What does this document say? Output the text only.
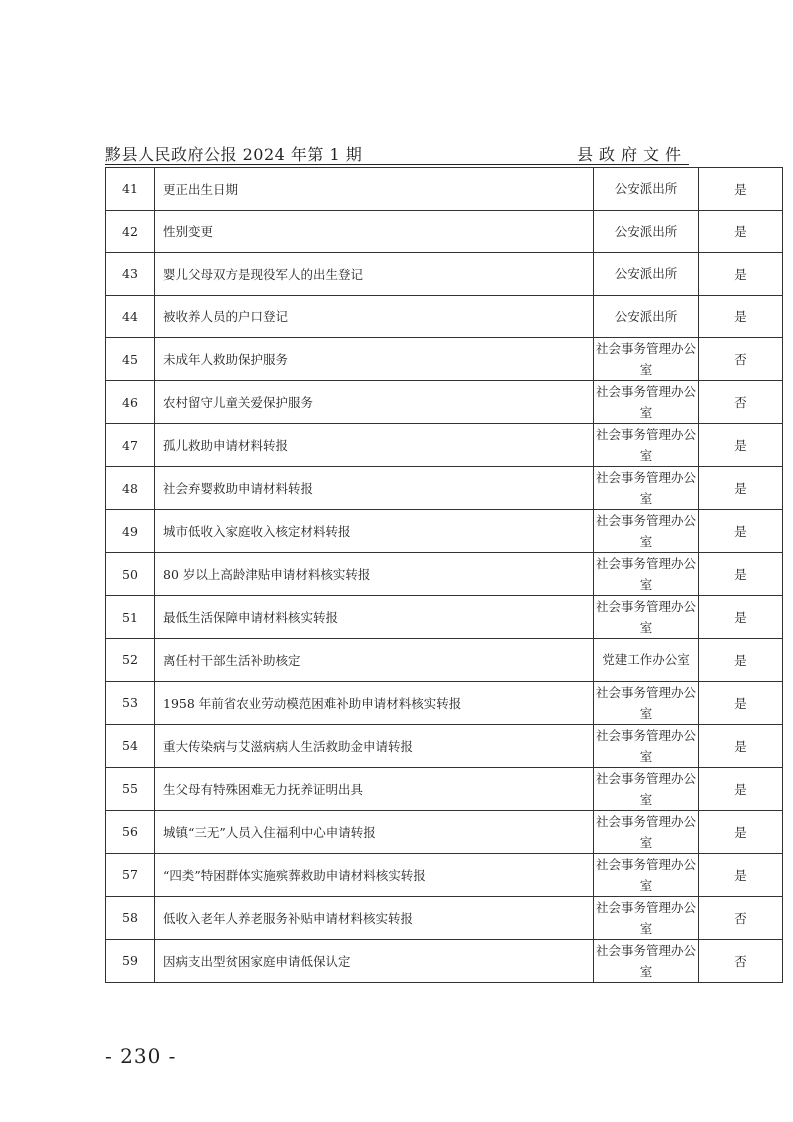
黟县人民政府公报 2024 年第 1 期	县政府文件
41	更正出生日期	公安派出所	是
42	性别变更	公安派出所	是
43	婴儿父母双方是现役军人的出生登记	公安派出所	是
44	被收养人员的户口登记	公安派出所	是
45	未成年人救助保护服务	社会事务管理办公室	否
46	农村留守儿童关爱保护服务	社会事务管理办公室	否
47	孤儿救助申请材料转报	社会事务管理办公室	是
48	社会弃婴救助申请材料转报	社会事务管理办公室	是
49	城市低收入家庭收入核定材料转报	社会事务管理办公室	是
50	80 岁以上高龄津贴申请材料核实转报	社会事务管理办公室	是
51	最低生活保障申请材料核实转报	社会事务管理办公室	是
52	离任村干部生活补助核定	党建工作办公室	是
53	1958 年前省农业劳动模范困难补助申请材料核实转报	社会事务管理办公室	是
54	重大传染病与艾滋病病人生活救助金申请转报	社会事务管理办公室	是
55	生父母有特殊困难无力抚养证明出具	社会事务管理办公室	是
56	城镇“三无”人员入住福利中心申请转报	社会事务管理办公室	是
57	“四类”特困群体实施殡葬救助申请材料核实转报	社会事务管理办公室	是
58	低收入老年人养老服务补贴申请材料核实转报	社会事务管理办公室	否
59	因病支出型贫困家庭申请低保认定	社会事务管理办公室	否
- 230 -
